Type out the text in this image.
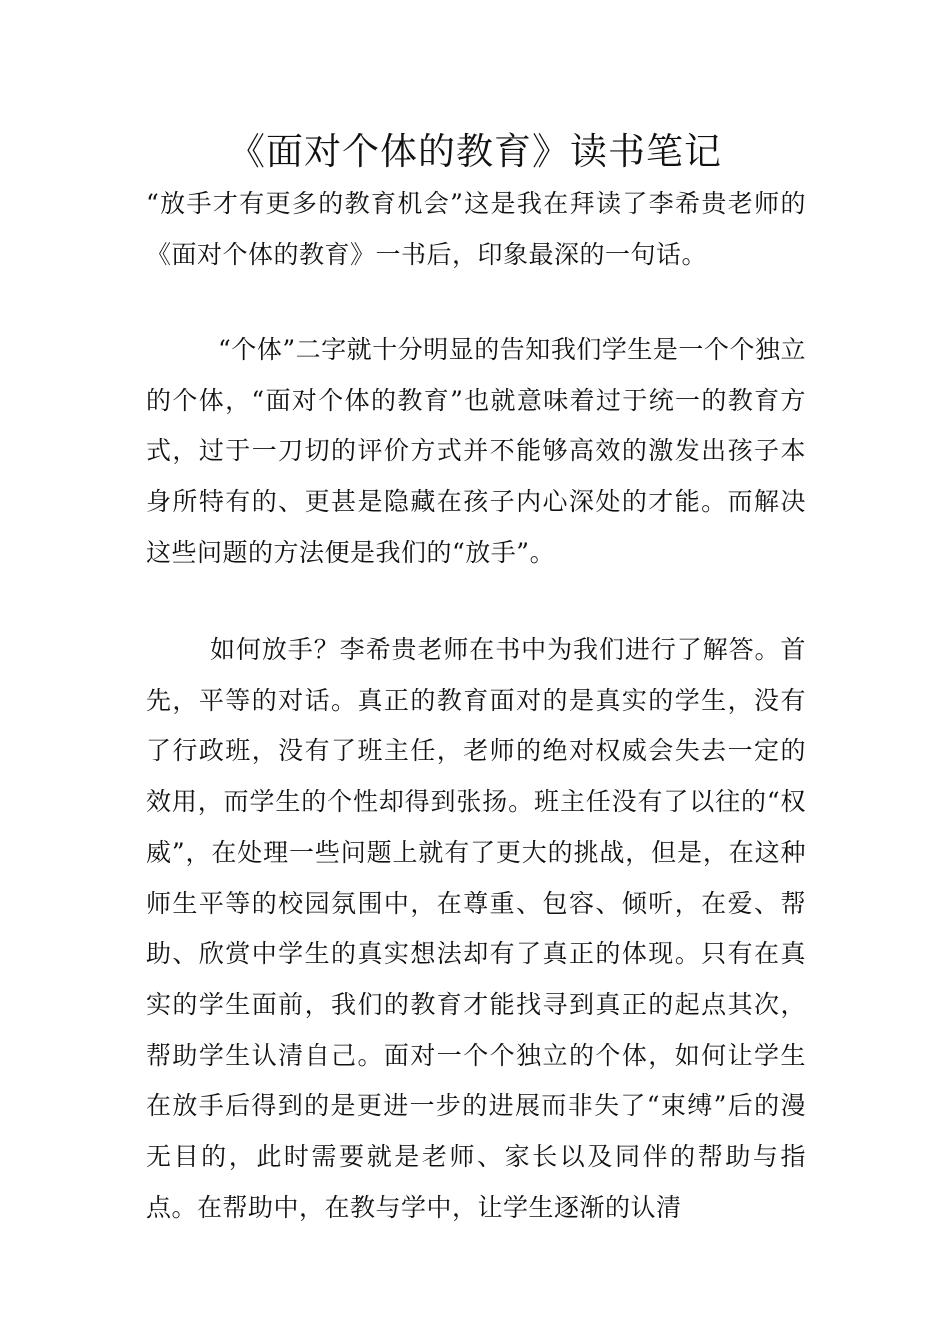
《面对个体的教育》读书笔记

“放手才有更多的教育机会”这是我在拜读了李希贵老师的《面对个体的教育》一书后，印象最深的一句话。

“个体”二字就十分明显的告知我们学生是一个个独立的个体，“面对个体的教育”也就意味着过于统一的教育方式，过于一刀切的评价方式并不能够高效的激发出孩子本身所特有的、更甚是隐藏在孩子内心深处的才能。而解决这些问题的方法便是我们的“放手”。

如何放手？李希贵老师在书中为我们进行了解答。首先，平等的对话。真正的教育面对的是真实的学生，没有了行政班，没有了班主任，老师的绝对权威会失去一定的效用，而学生的个性却得到张扬。班主任没有了以往的“权威”，在处理一些问题上就有了更大的挑战，但是，在这种师生平等的校园氛围中，在尊重、包容、倾听，在爱、帮助、欣赏中学生的真实想法却有了真正的体现。只有在真实的学生面前，我们的教育才能找寻到真正的起点其次，帮助学生认清自己。面对一个个独立的个体，如何让学生在放手后得到的是更进一步的进展而非失了“束缚”后的漫无目的，此时需要就是老师、家长以及同伴的帮助与指点。在帮助中，在教与学中，让学生逐渐的认清
